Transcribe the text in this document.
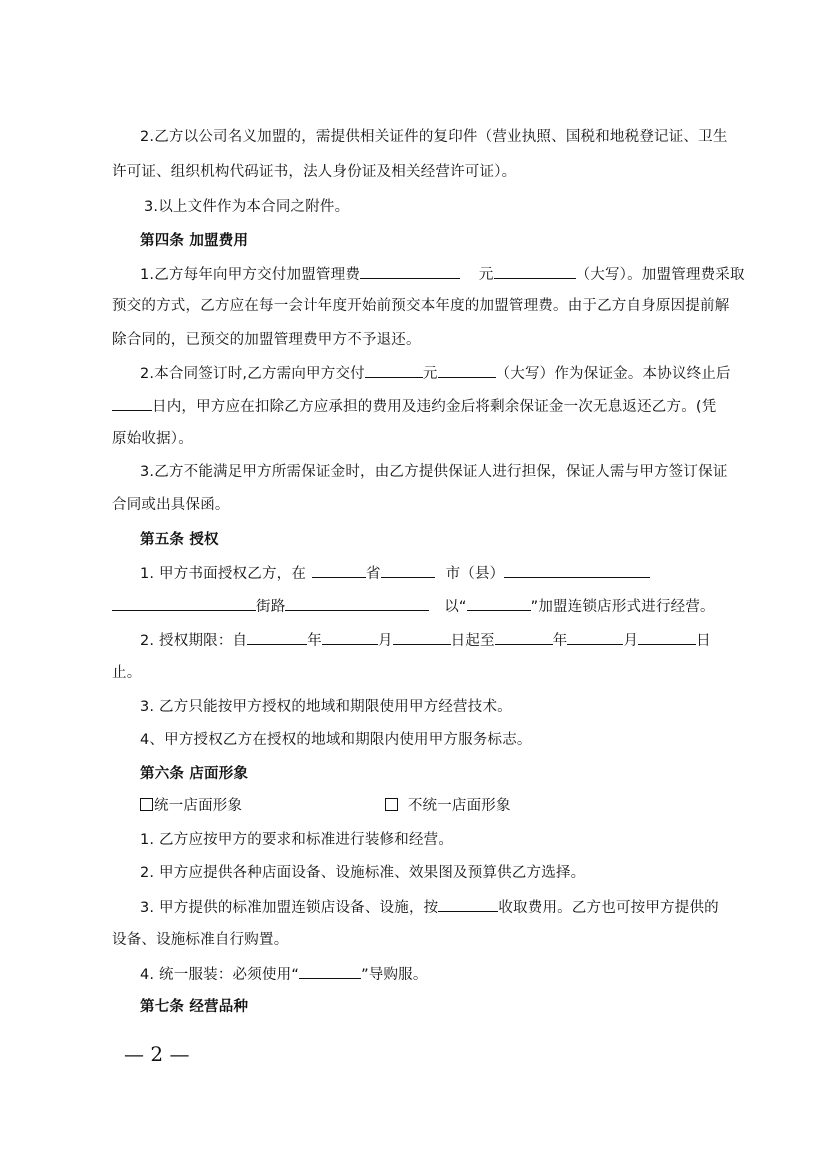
2.乙方以公司名义加盟的，需提供相关证件的复印件（营业执照、国税和地税登记证、卫生
许可证、组织机构代码证书，法人身份证及相关经营许可证）。
3.以上文件作为本合同之附件。
第四条 加盟费用
1.乙方每年向甲方交付加盟管理费	元	（大写）。加盟管理费采取
预交的方式，乙方应在每一会计年度开始前预交本年度的加盟管理费。由于乙方自身原因提前解
除合同的，已预交的加盟管理费甲方不予退还。
2.本合同签订时,乙方需向甲方交付	元	（大写）作为保证金。本协议终止后
日内，甲方应在扣除乙方应承担的费用及违约金后将剩余保证金一次无息返还乙方。(凭
原始收据）。
3.乙方不能满足甲方所需保证金时，由乙方提供保证人进行担保，保证人需与甲方签订保证
合同或出具保函。
第五条 授权
1. 甲方书面授权乙方，在	省	市（县）
街路	以“	”加盟连锁店形式进行经营。
2. 授权期限：自	年	月	日起至	年	月	日
止。
3. 乙方只能按甲方授权的地域和期限使用甲方经营技术。
4、甲方授权乙方在授权的地域和期限内使用甲方服务标志。
第六条 店面形象
统一店面形象	不统一店面形象
1. 乙方应按甲方的要求和标准进行装修和经营。
2. 甲方应提供各种店面设备、设施标准、效果图及预算供乙方选择。
3. 甲方提供的标准加盟连锁店设备、设施，按	收取费用。乙方也可按甲方提供的
设备、设施标准自行购置。
4. 统一服装：必须使用“	”导购服。
第七条 经营品种
— 2 —
